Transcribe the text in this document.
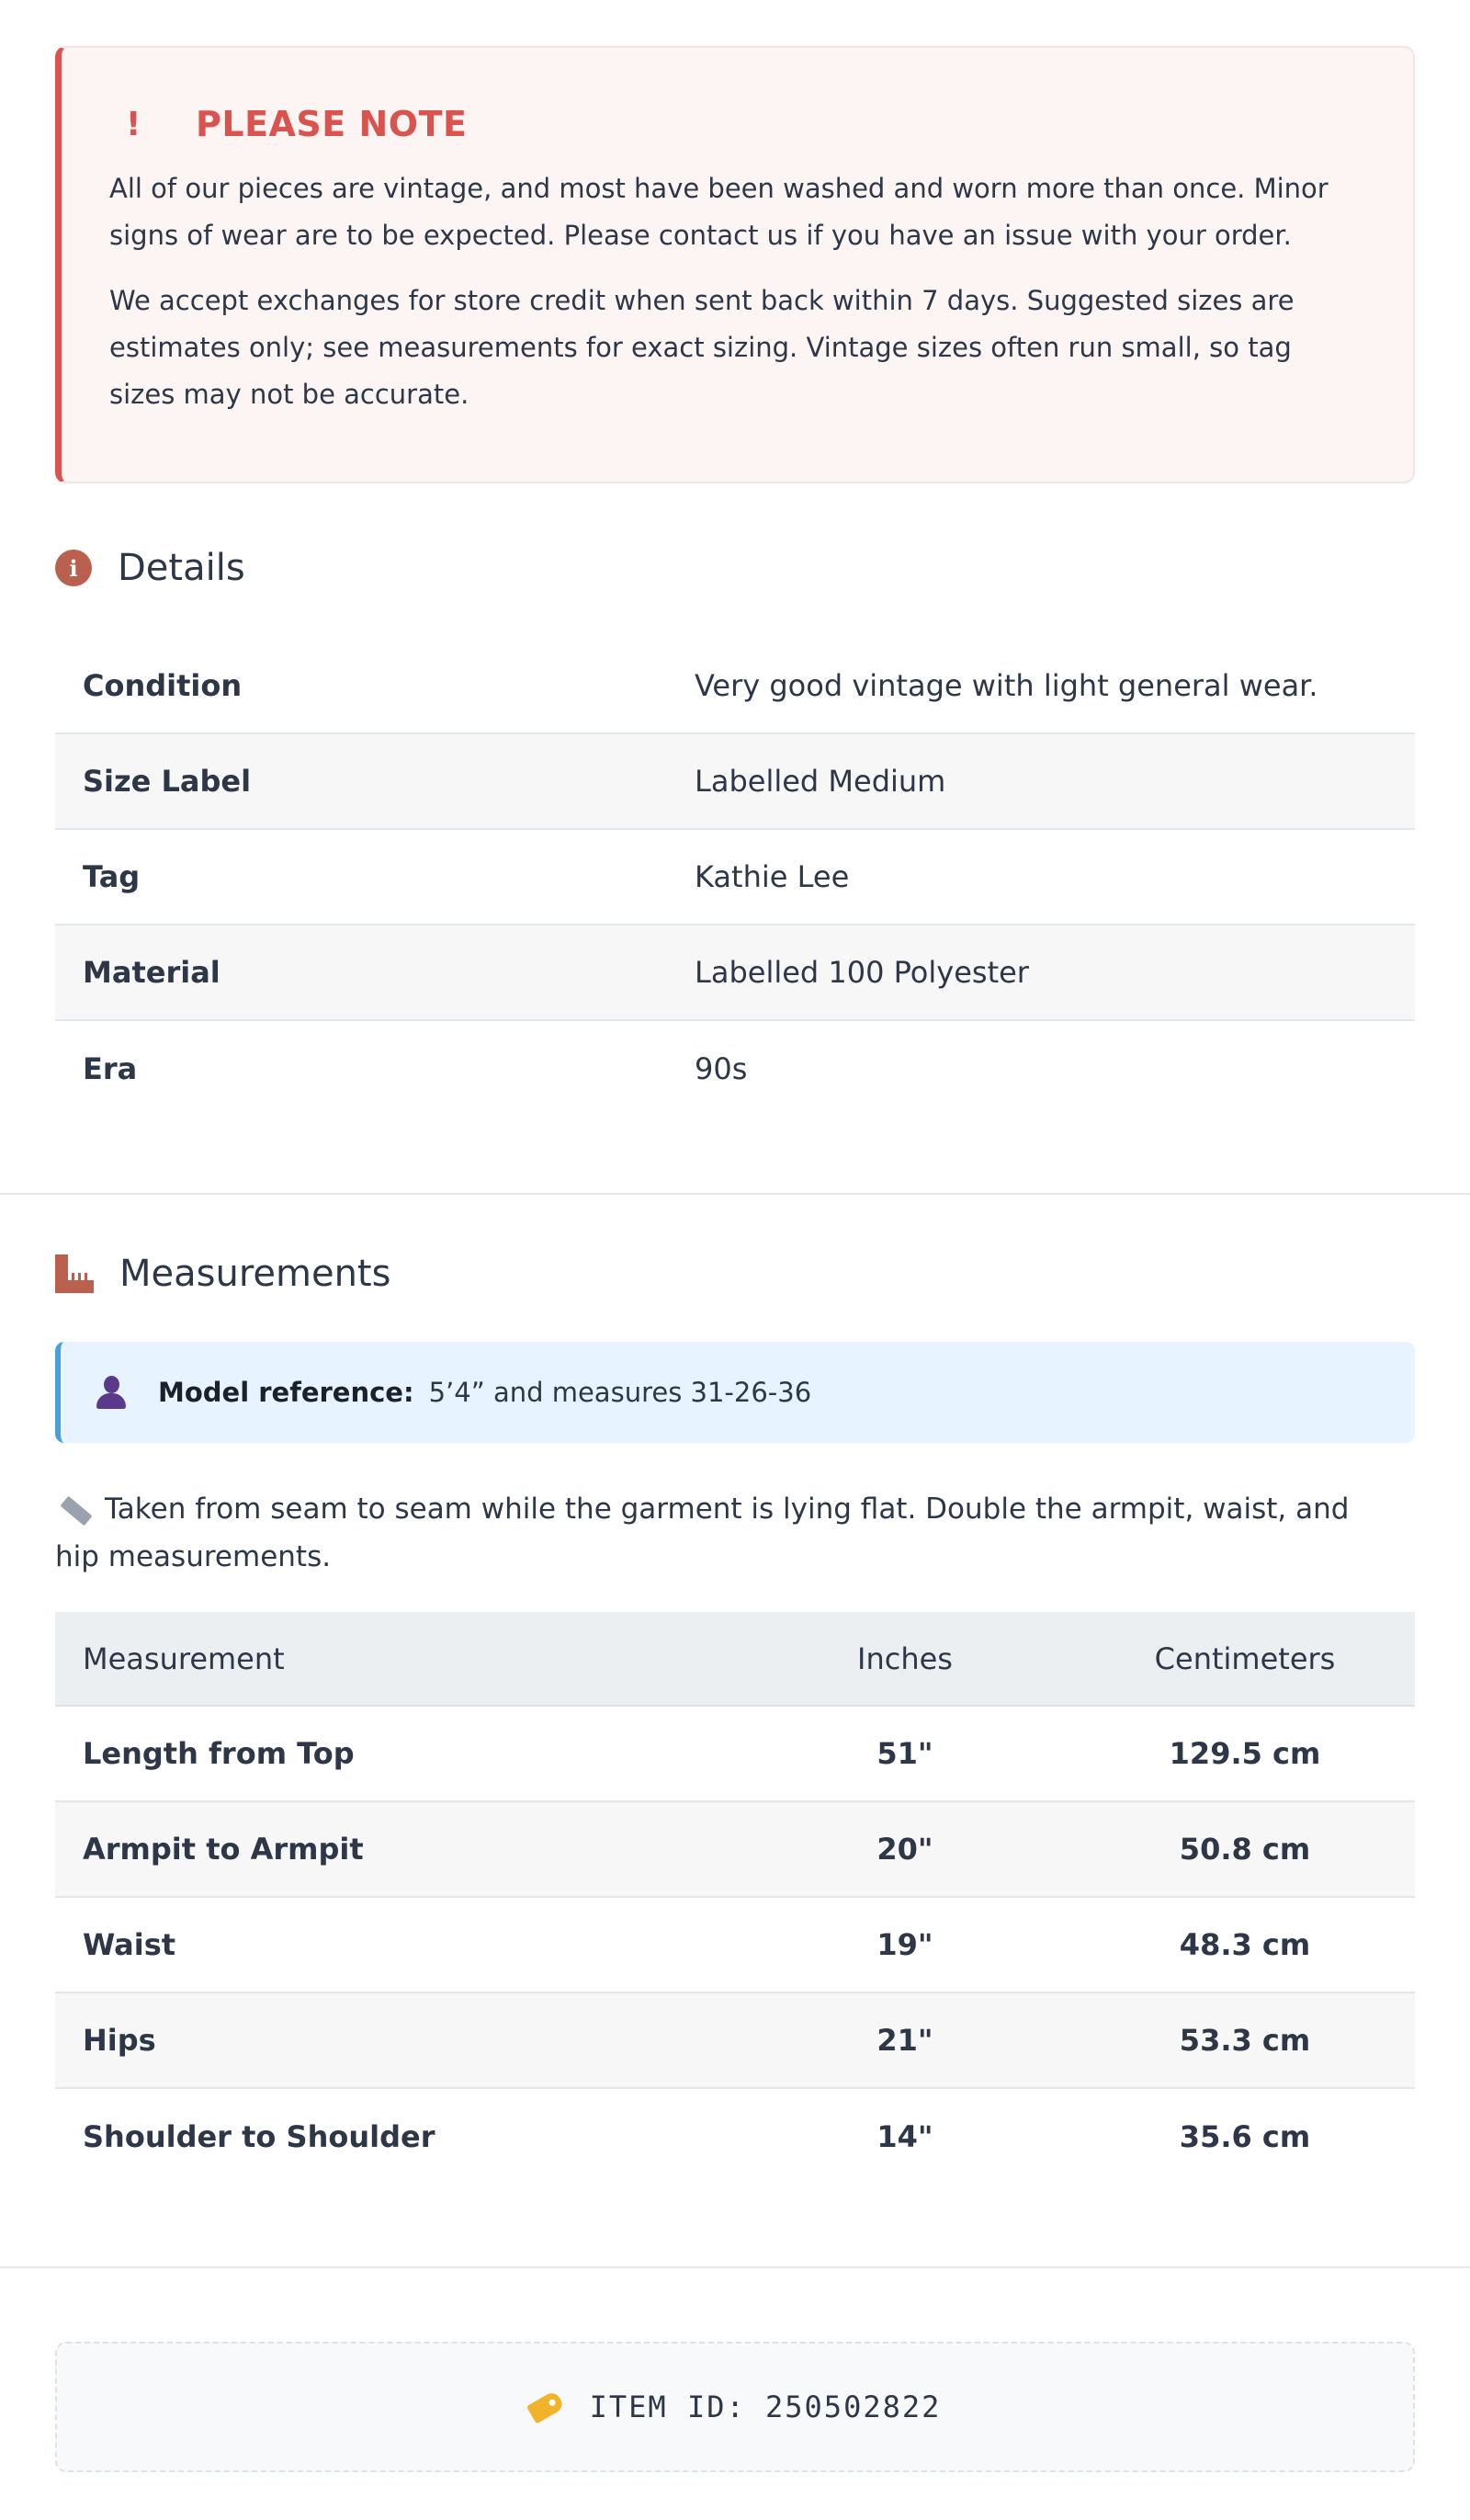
!	PLEASE NOTE

All of our pieces are vintage, and most have been washed and worn more than once. Minor signs of wear are to be expected. Please contact us if you have an issue with your order.

We accept exchanges for store credit when sent back within 7 days. Suggested sizes are estimates only; see measurements for exact sizing. Vintage sizes often run small, so tag sizes may not be accurate.

i	Details
Condition	Very good vintage with light general wear.
Size Label	Labelled Medium
Tag	Kathie Lee
Material	Labelled 100 Polyester
Era	90s
Measurements
Model reference: 5’4” and measures 31-26-36
Taken from seam to seam while the garment is lying flat. Double the armpit, waist, and hip measurements.
Measurement	Inches	Centimeters
Length from Top	51"	129.5 cm
Armpit to Armpit	20"	50.8 cm
Waist	19"	48.3 cm
Hips	21"	53.3 cm
Shoulder to Shoulder	14"	35.6 cm
ITEM ID: 250502822
